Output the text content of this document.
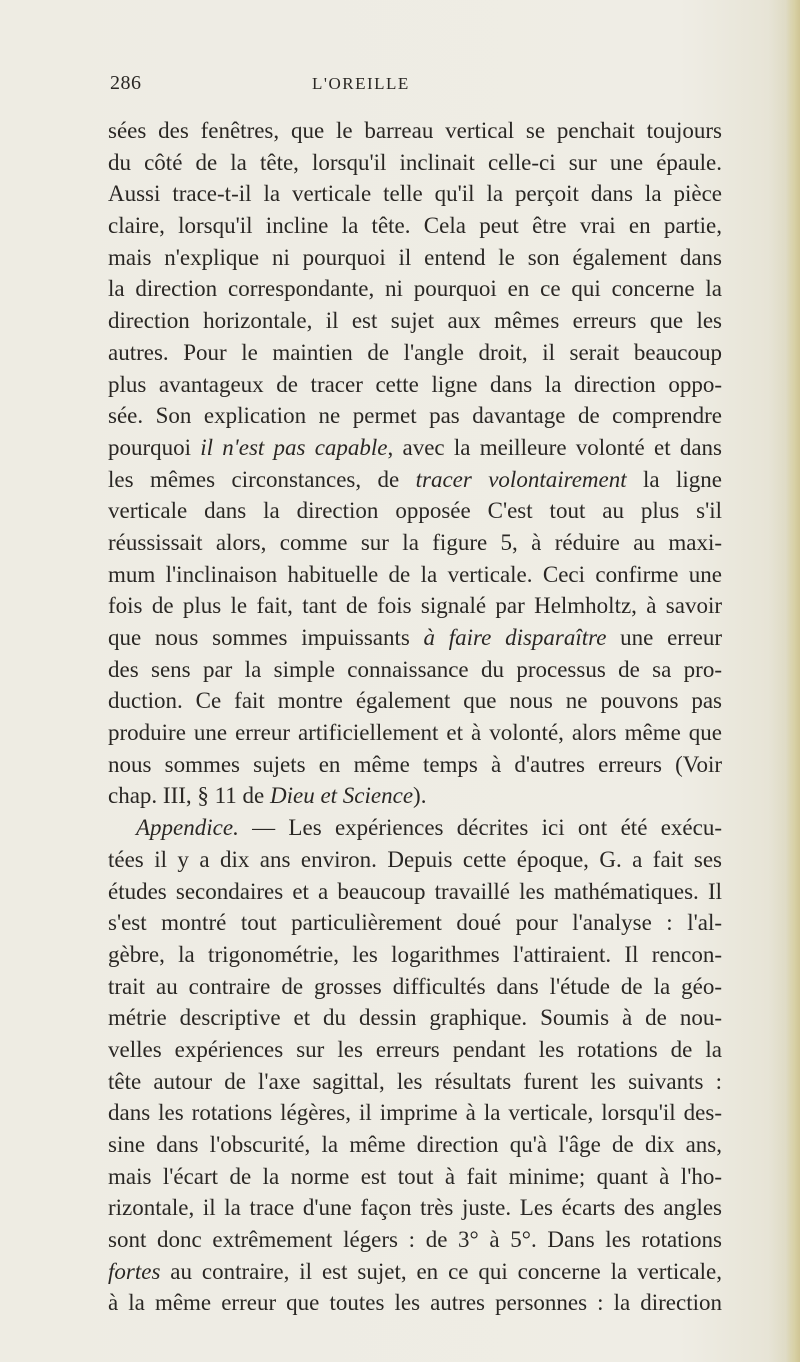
286	L'OREILLE
sées des fenêtres, que le barreau vertical se penchait toujours
du côté de la tête, lorsqu'il inclinait celle-ci sur une épaule.
Aussi trace-t-il la verticale telle qu'il la perçoit dans la pièce
claire, lorsqu'il incline la tête. Cela peut être vrai en partie,
mais n'explique ni pourquoi il entend le son également dans
la direction correspondante, ni pourquoi en ce qui concerne la
direction horizontale, il est sujet aux mêmes erreurs que les
autres. Pour le maintien de l'angle droit, il serait beaucoup
plus avantageux de tracer cette ligne dans la direction oppo-
sée. Son explication ne permet pas davantage de comprendre
pourquoi il n'est pas capable, avec la meilleure volonté et dans
les mêmes circonstances, de tracer volontairement la ligne
verticale dans la direction opposée C'est tout au plus s'il
réussissait alors, comme sur la figure 5, à réduire au maxi-
mum l'inclinaison habituelle de la verticale. Ceci confirme une
fois de plus le fait, tant de fois signalé par Helmholtz, à savoir
que nous sommes impuissants à faire disparaître une erreur
des sens par la simple connaissance du processus de sa pro-
duction. Ce fait montre également que nous ne pouvons pas
produire une erreur artificiellement et à volonté, alors même que
nous sommes sujets en même temps à d'autres erreurs (Voir
chap. III, § 11 de Dieu et Science).
Appendice. — Les expériences décrites ici ont été exécu-
tées il y a dix ans environ. Depuis cette époque, G. a fait ses
études secondaires et a beaucoup travaillé les mathématiques. Il
s'est montré tout particulièrement doué pour l'analyse : l'al-
gèbre, la trigonométrie, les logarithmes l'attiraient. Il rencon-
trait au contraire de grosses difficultés dans l'étude de la géo-
métrie descriptive et du dessin graphique. Soumis à de nou-
velles expériences sur les erreurs pendant les rotations de la
tête autour de l'axe sagittal, les résultats furent les suivants :
dans les rotations légères, il imprime à la verticale, lorsqu'il des-
sine dans l'obscurité, la même direction qu'à l'âge de dix ans,
mais l'écart de la norme est tout à fait minime; quant à l'ho-
rizontale, il la trace d'une façon très juste. Les écarts des angles
sont donc extrêmement légers : de 3° à 5°. Dans les rotations
fortes au contraire, il est sujet, en ce qui concerne la verticale,
à la même erreur que toutes les autres personnes : la direction
